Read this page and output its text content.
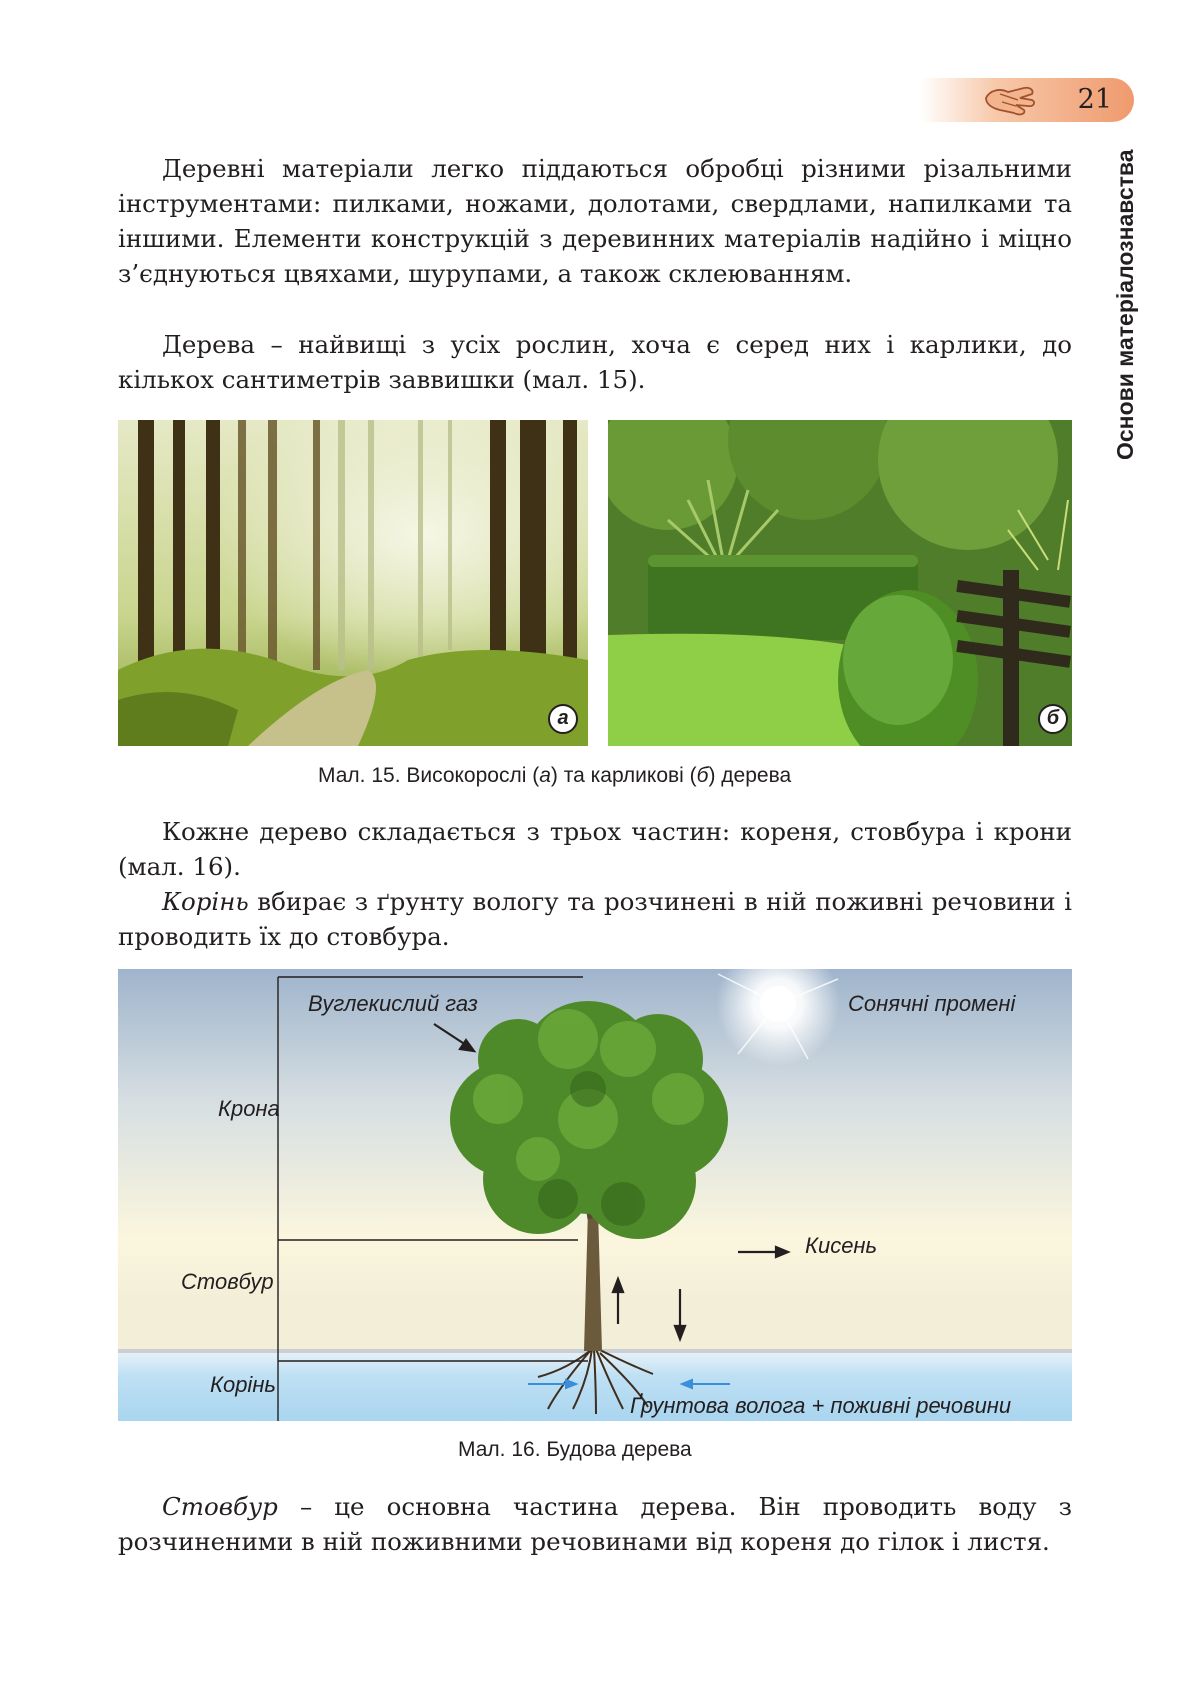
21
Основи матеріалознавства

Деревні матеріали легко піддаються обробці різними різальними інструментами: пилками, ножами, долотами, свердлами, напилками та іншими. Елементи конструкцій з деревинних матеріалів надійно і міцно з’єднуються цвяхами, шурупами, а також склеюванням.

Дерева – найвищі з усіх рослин, хоча є серед них і карлики, до кількох сантиметрів заввишки (мал. 15).

а	б
Мал. 15. Високорослі (а) та карликові (б) дерева

Кожне дерево складається з трьох частин: кореня, стовбура і крони (мал. 16).

Корінь вбирає з ґрунту вологу та розчинені в ній поживні речовини і проводить їх до стовбура.

Вуглекислий газ	Сонячні промені
Крона
Стовбур
Корінь
Кисень
Ґрунтова волога + поживні речовини
Мал. 16. Будова дерева

Стовбур – це основна частина дерева. Він проводить воду з розчиненими в ній поживними речовинами від кореня до гілок і листя.
